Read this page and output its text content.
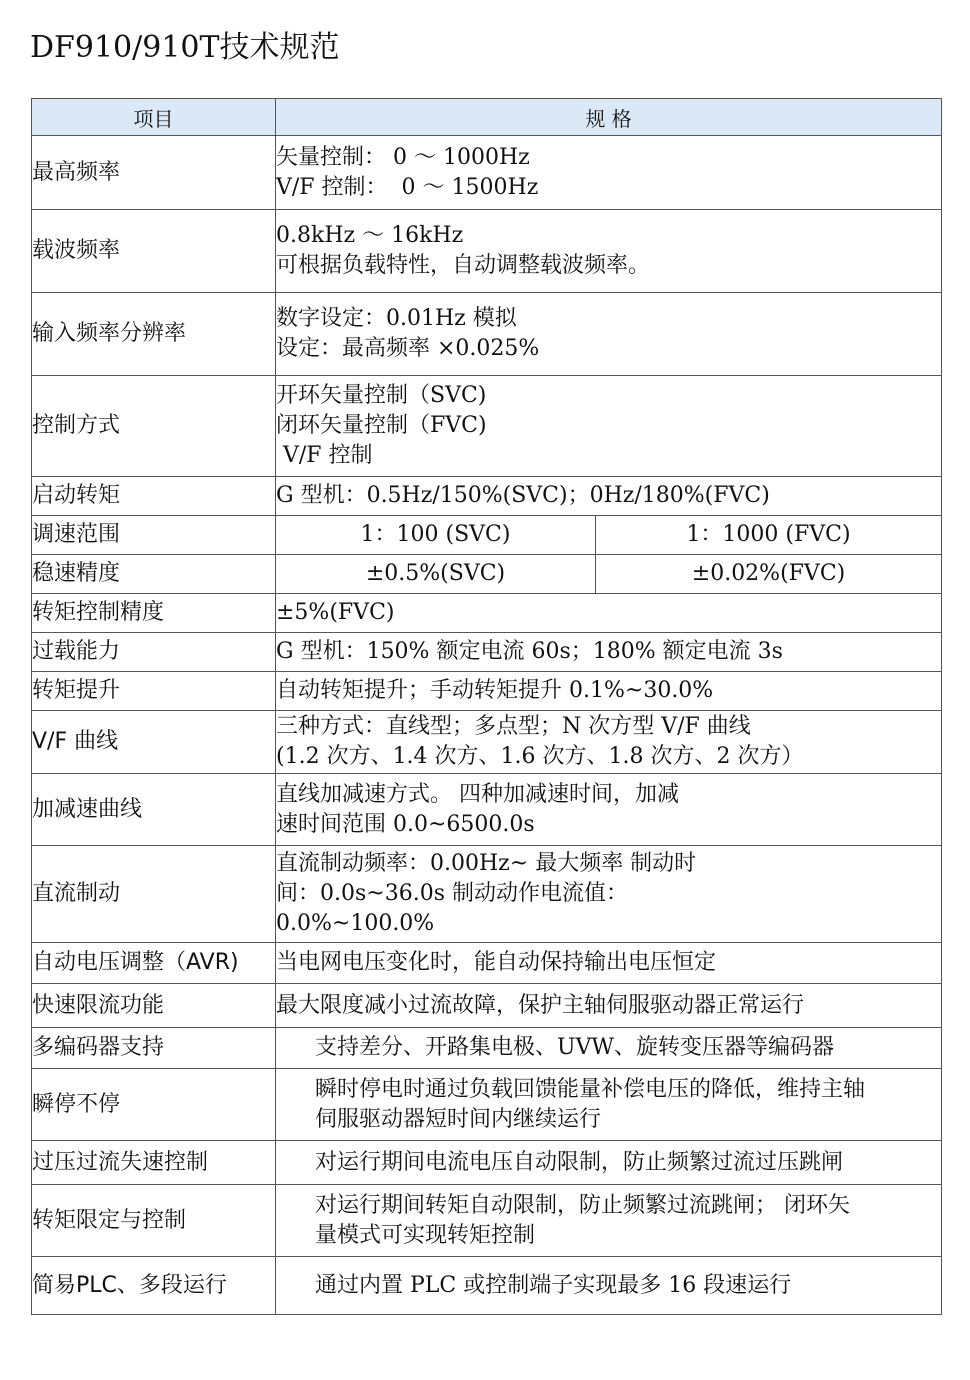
DF910/910T技术规范
项目	规 格	
最高频率	矢量控制： 0 ～ 1000Hz
V/F 控制：  0 ～ 1500Hz	

载波频率	0.8kHz ～ 16kHz
可根据负载特性，自动调整载波频率。	

输入频率分辨率	数字设定：0.01Hz 模拟
设定：最高频率 ×0.025%	

控制方式	开环矢量控制（SVC)
闭环矢量控制（FVC)
V/F 控制	

启动转矩	G 型机：0.5Hz/150%(SVC)；0Hz/180%(FVC)	

调速范围	1：100 (SVC)	1：1000 (FVC)
稳速精度	±0.5%(SVC)	±0.02%(FVC)
转矩控制精度	±5%(FVC)	

过载能力	G 型机：150% 额定电流 60s；180% 额定电流 3s	

转矩提升	自动转矩提升；手动转矩提升 0.1%~30.0%	

V/F 曲线	三种方式：直线型；多点型；N 次方型 V/F 曲线
(1.2 次方、1.4 次方、1.6 次方、1.8 次方、2 次方）	

加减速曲线	直线加减速方式。 四种加减速时间，加减
速时间范围 0.0~6500.0s	

直流制动	直流制动频率：0.00Hz~ 最大频率 制动时
间：0.0s~36.0s 制动动作电流值：
0.0%~100.0%	

自动电压调整（AVR)	当电网电压变化时，能自动保持输出电压恒定	

快速限流功能	最大限度减小过流故障，保护主轴伺服驱动器正常运行	

多编码器支持	支持差分、开路集电极、UVW、旋转变压器等编码器	

瞬停不停	瞬时停电时通过负载回馈能量补偿电压的降低，维持主轴
伺服驱动器短时间内继续运行	

过压过流失速控制	对运行期间电流电压自动限制，防止频繁过流过压跳闸	

转矩限定与控制	对运行期间转矩自动限制，防止频繁过流跳闸； 闭环矢
量模式可实现转矩控制	

简易PLC、多段运行	通过内置 PLC 或控制端子实现最多 16 段速运行	
